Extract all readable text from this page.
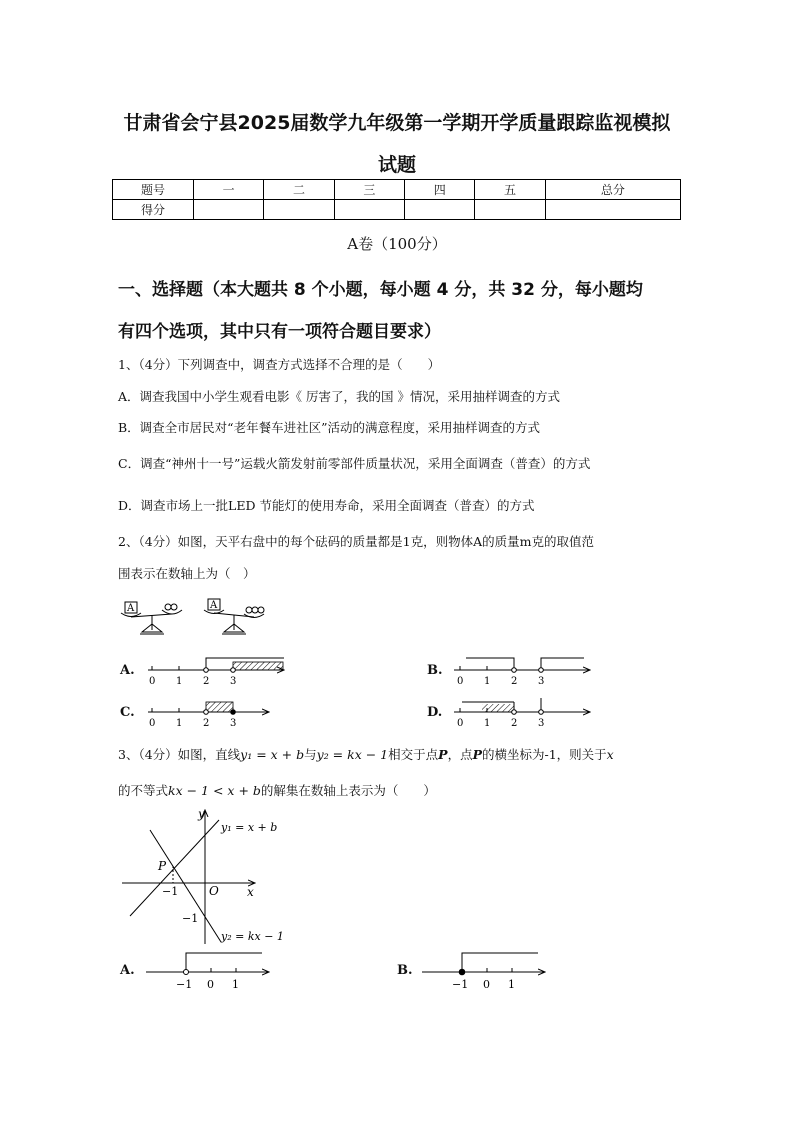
甘肃省会宁县2025届数学九年级第一学期开学质量跟踪监视模拟
试题
题号	一	二	三	四	五	总分
得分						
A卷（100分）
一、选择题（本大题共 8 个小题，每小题 4 分，共 32 分，每小题均
有四个选项，其中只有一项符合题目要求）
1、（4分）下列调查中，调查方式选择不合理的是（　　）
A．调查我国中小学生观看电影《 厉害了，我的国 》情况，采用抽样调查的方式
B．调查全市居民对“老年餐车进社区”活动的满意程度，采用抽样调查的方式
C．调查“神州十一号”运载火箭发射前零部件质量状况，采用全面调查（普查）的方式
D．调查市场上一批LED 节能灯的使用寿命，采用全面调查（普查）的方式
2、（4分）如图，天平右盘中的每个砝码的质量都是1克，则物体A的质量m克的取值范
围表示在数轴上为（　）
A	A
A.
0 1 2 3
B.
0 1 2 3
C.
0 1 2 3
D.
0 1 2 3
3、（4分）如图，直线y₁ = x + b与y₂ = kx − 1相交于点P，点P的横坐标为-1，则关于x
的不等式kx − 1 < x + b的解集在数轴上表示为（　　）
y
x
O
P
−1
−1
y₁ = x + b
y₂ = kx − 1
A.
−1 0 1
B.
−1 0 1
